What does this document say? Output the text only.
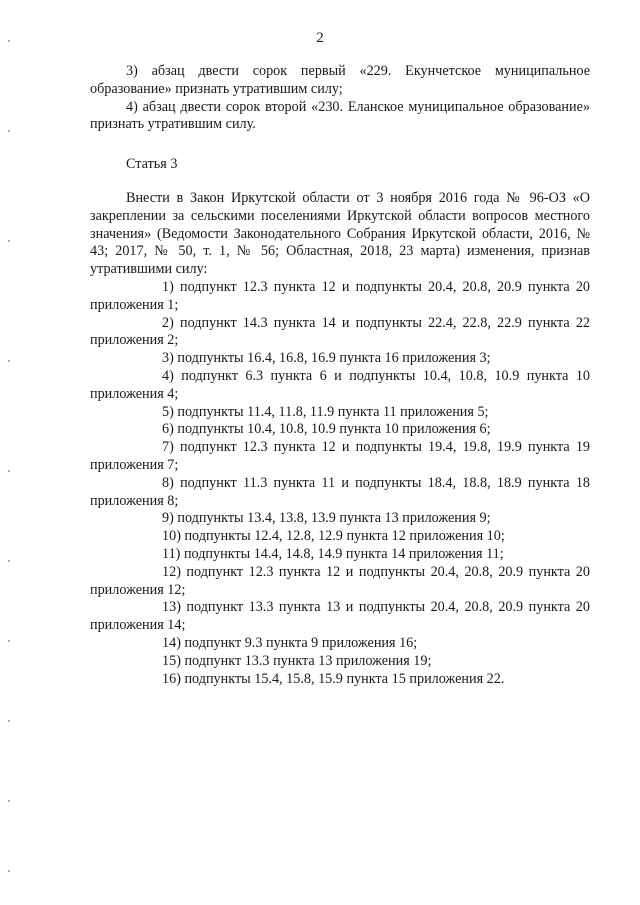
2

3) абзац двести сорок первый «229. Екунчетское муниципальное образование» признать утратившим силу;

4) абзац двести сорок второй «230. Еланское муниципальное образование» признать утратившим силу.

Статья 3

Внести в Закон Иркутской области от 3 ноября 2016 года № 96-ОЗ «О закреплении за сельскими поселениями Иркутской области вопросов местного значения» (Ведомости Законодательного Собрания Иркутской области, 2016, № 43; 2017, № 50, т. 1, № 56; Областная, 2018, 23 марта) изменения, признав утратившими силу:

1) подпункт 12.3 пункта 12 и подпункты 20.4, 20.8, 20.9 пункта 20 приложения 1;

2) подпункт 14.3 пункта 14 и подпункты 22.4, 22.8, 22.9 пункта 22 приложения 2;

3) подпункты 16.4, 16.8, 16.9 пункта 16 приложения 3;

4) подпункт 6.3 пункта 6 и подпункты 10.4, 10.8, 10.9 пункта 10 приложения 4;

5) подпункты 11.4, 11.8, 11.9 пункта 11 приложения 5;

6) подпункты 10.4, 10.8, 10.9 пункта 10 приложения 6;

7) подпункт 12.3 пункта 12 и подпункты 19.4, 19.8, 19.9 пункта 19 приложения 7;

8) подпункт 11.3 пункта 11 и подпункты 18.4, 18.8, 18.9 пункта 18 приложения 8;

9) подпункты 13.4, 13.8, 13.9 пункта 13 приложения 9;

10) подпункты 12.4, 12.8, 12.9 пункта 12 приложения 10;

11) подпункты 14.4, 14.8, 14.9 пункта 14 приложения 11;

12) подпункт 12.3 пункта 12 и подпункты 20.4, 20.8, 20.9 пункта 20 приложения 12;

13) подпункт 13.3 пункта 13 и подпункты 20.4, 20.8, 20.9 пункта 20 приложения 14;

14) подпункт 9.3 пункта 9 приложения 16;

15) подпункт 13.3 пункта 13 приложения 19;

16) подпункты 15.4, 15.8, 15.9 пункта 15 приложения 22.
